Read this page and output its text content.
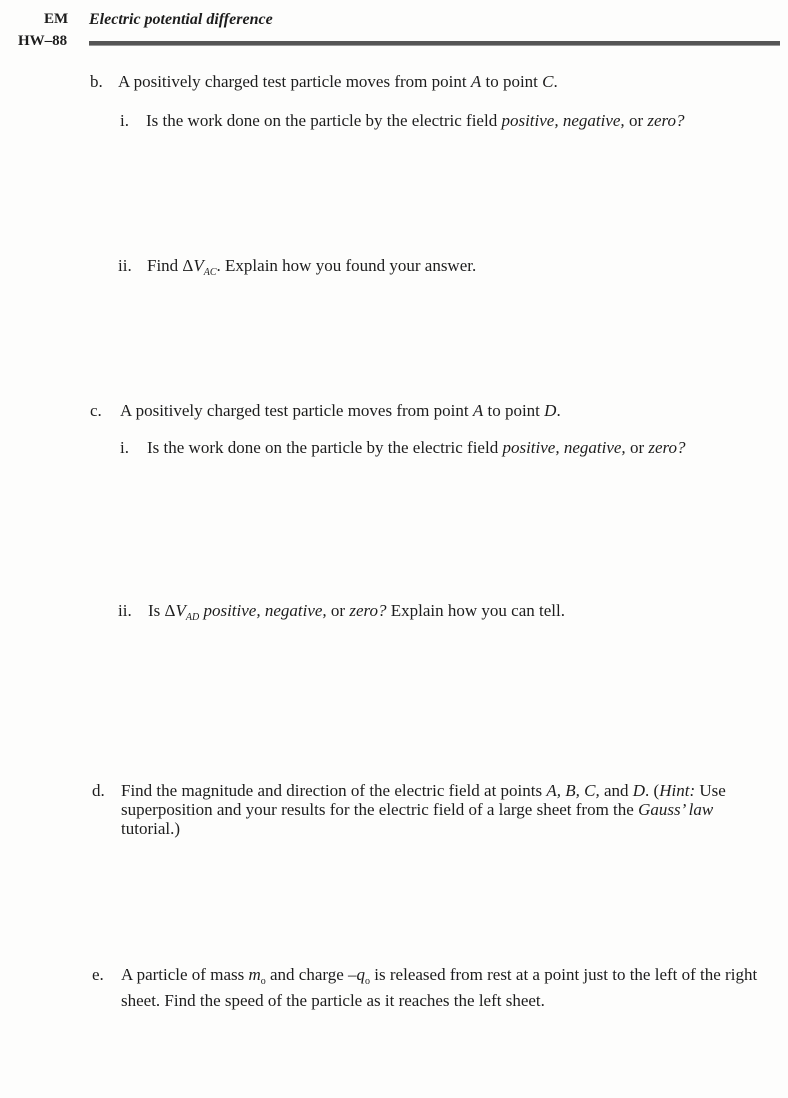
EM
HW–88
Electric potential difference
b. A positively charged test particle moves from point A to point C.
i. Is the work done on the particle by the electric field positive, negative, or zero?
ii. Find $\Delta V_{AC}$. Explain how you found your answer.
c. A positively charged test particle moves from point A to point D.
i. Is the work done on the particle by the electric field positive, negative, or zero?
ii. Is $\Delta V_{AD}$ positive, negative, or zero? Explain how you can tell.
d. Find the magnitude and direction of the electric field at points A, B, C, and D. (Hint: Use superposition and your results for the electric field of a large sheet from the Gauss’ law tutorial.)
e. A particle of mass $m_o$ and charge $-q_o$ is released from rest at a point just to the left of the right sheet. Find the speed of the particle as it reaches the left sheet.
